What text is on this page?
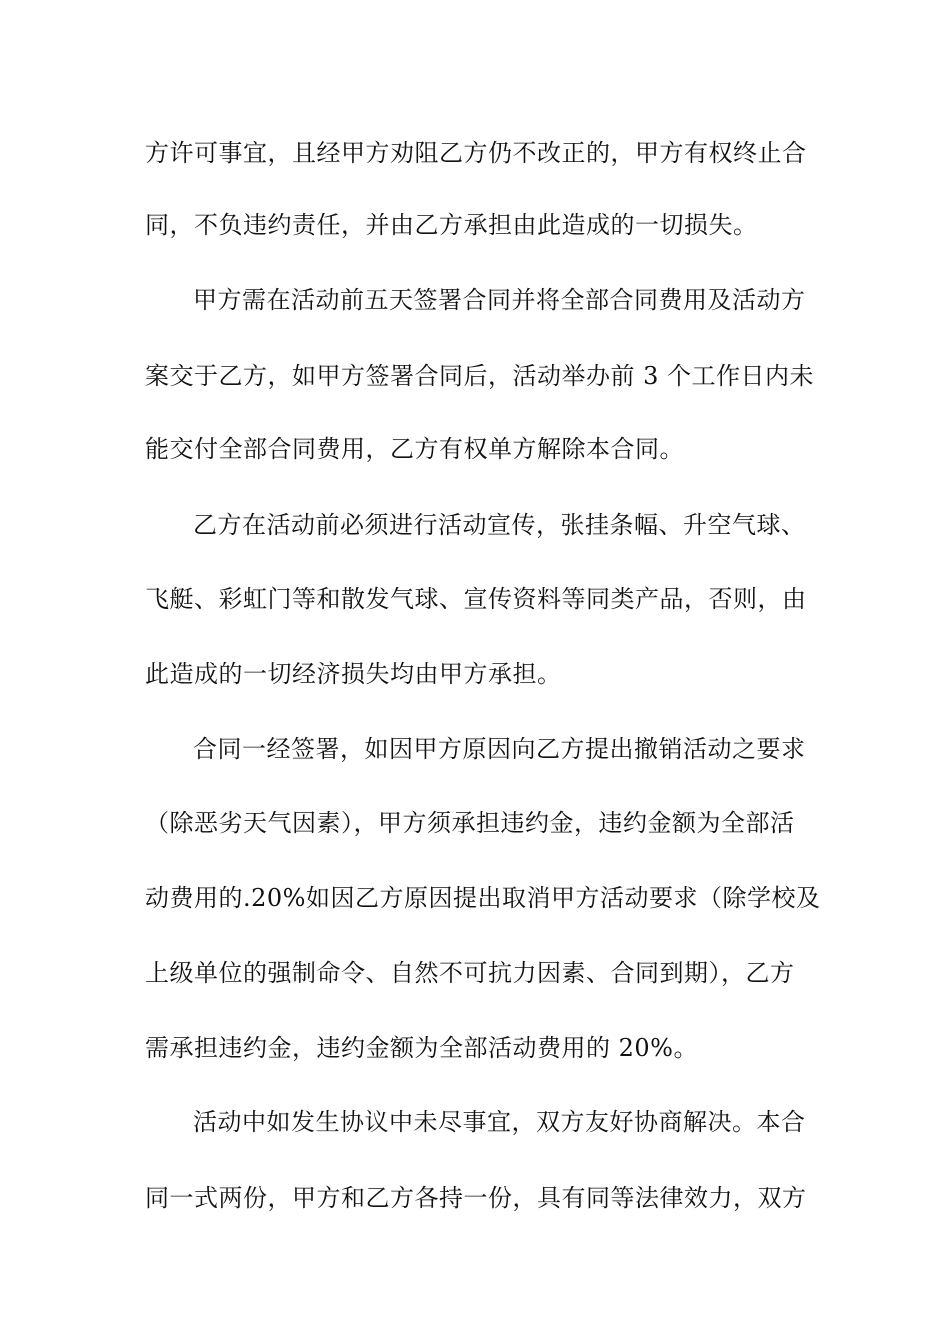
方许可事宜，且经甲方劝阻乙方仍不改正的，甲方有权终止合
同，不负违约责任，并由乙方承担由此造成的一切损失。
甲方需在活动前五天签署合同并将全部合同费用及活动方
案交于乙方，如甲方签署合同后，活动举办前 3 个工作日内未
能交付全部合同费用，乙方有权单方解除本合同。
乙方在活动前必须进行活动宣传，张挂条幅、升空气球、
飞艇、彩虹门等和散发气球、宣传资料等同类产品，否则，由
此造成的一切经济损失均由甲方承担。
合同一经签署，如因甲方原因向乙方提出撤销活动之要求
（除恶劣天气因素），甲方须承担违约金，违约金额为全部活
动费用的.20%如因乙方原因提出取消甲方活动要求（除学校及
上级单位的强制命令、自然不可抗力因素、合同到期），乙方
需承担违约金，违约金额为全部活动费用的 20%。
活动中如发生协议中未尽事宜，双方友好协商解决。本合
同一式两份，甲方和乙方各持一份，具有同等法律效力，双方
